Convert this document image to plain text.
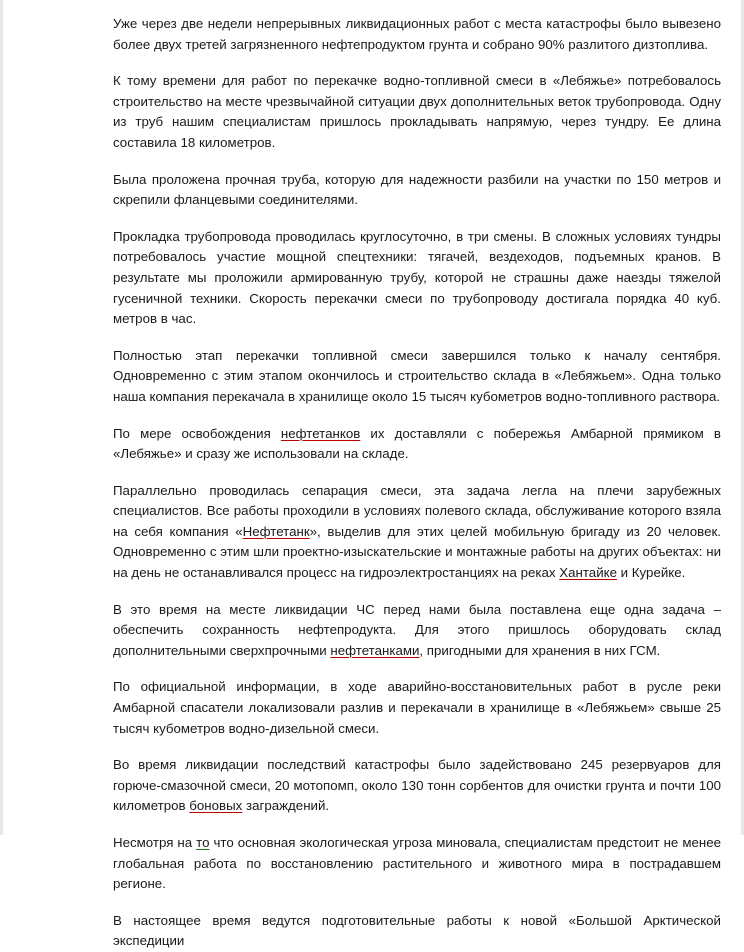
Уже через две недели непрерывных ликвидационных работ с места катастрофы было вывезено более двух третей загрязненного нефтепродуктом грунта и собрано 90% разлитого дизтоплива.

К тому времени для работ по перекачке водно-топливной смеси в «Лебяжье» потребовалось строительство на месте чрезвычайной ситуации двух дополнительных веток трубопровода. Одну из труб нашим специалистам пришлось прокладывать напрямую, через тундру. Ее длина составила 18 километров.

Была проложена прочная труба, которую для надежности разбили на участки по 150 метров и скрепили фланцевыми соединителями.

Прокладка трубопровода проводилась круглосуточно, в три смены. В сложных условиях тундры потребовалось участие мощной спецтехники: тягачей, вездеходов, подъемных кранов. В результате мы проложили армированную трубу, которой не страшны даже наезды тяжелой гусеничной техники. Скорость перекачки смеси по трубопроводу достигала порядка 40 куб. метров в час.

Полностью этап перекачки топливной смеси завершился только к началу сентября. Одновременно с этим этапом окончилось и строительство склада в «Лебяжьем». Одна только наша компания перекачала в хранилище около 15 тысяч кубометров водно-топливного раствора.

По мере освобождения нефтетанков их доставляли с побережья Амбарной прямиком в «Лебяжье» и сразу же использовали на складе.

Параллельно проводилась сепарация смеси, эта задача легла на плечи зарубежных специалистов. Все работы проходили в условиях полевого склада, обслуживание которого взяла на себя компания «Нефтетанк», выделив для этих целей мобильную бригаду из 20 человек. Одновременно с этим шли проектно-изыскательские и монтажные работы на других объектах: ни на день не останавливался процесс на гидроэлектростанциях на реках Хантайке и Курейке.

В это время на месте ликвидации ЧС перед нами была поставлена еще одна задача – обеспечить сохранность нефтепродукта. Для этого пришлось оборудовать склад дополнительными сверхпрочными нефтетанками, пригодными для хранения в них ГСМ.

По официальной информации, в ходе аварийно-восстановительных работ в русле реки Амбарной спасатели локализовали разлив и перекачали в хранилище в «Лебяжьем» свыше 25 тысяч кубометров водно-дизельной смеси.

Во время ликвидации последствий катастрофы было задействовано 245 резервуаров для горюче-смазочной смеси, 20 мотопомп, около 130 тонн сорбентов для очистки грунта и почти 100 километров боновых заграждений.

Несмотря на то что основная экологическая угроза миновала, специалистам предстоит не менее глобальная работа по восстановлению растительного и животного мира в пострадавшем регионе.

В настоящее время ведутся подготовительные работы к новой «Большой Арктической экспедиции
